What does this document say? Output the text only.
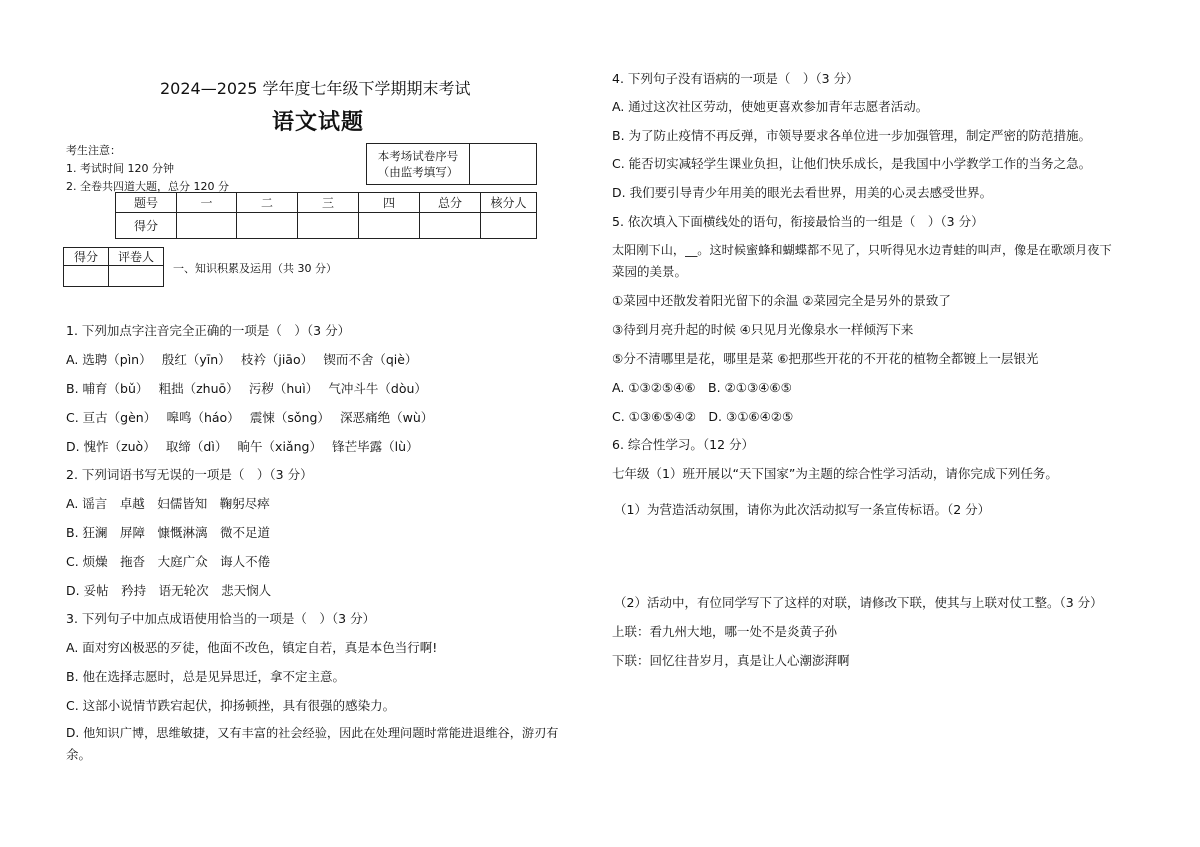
2024—2025 学年度七年级下学期期末考试
语文试题
考生注意：
1. 考试时间 120 分钟
2. 全卷共四道大题，总分 120 分
本考场试卷序号
（由监考填写）

题号	一	二	三	四	总分	核分人
得分						
得分	评卷人

一、知识积累及运用（共 30 分）
1. 下列加点字注音完全正确的一项是（　）（3 分）
A. 选聘（pìn）　 殷红（yīn）　 枝衿（jiāo）　 锲而不舍（qiè）
B. 哺育（bǔ）　 粗拙（zhuō）　 污秽（huì）　 气冲斗牛（dòu）
C. 亘古（gèn）　 嗥鸣（háo）　 震悚（sǒng）　 深恶痛绝（wù）
D. 愧怍（zuò）　 取缔（dì）　 晌午（xiǎng）　 锋芒毕露（lù）
2. 下列词语书写无误的一项是（　）（3 分）
A. 谣言　卓越　妇儒皆知　鞠躬尽瘁
B. 狂澜　屏障　慷慨淋漓　微不足道
C. 烦燥　拖沓　大庭广众　诲人不倦
D. 妥帖　矜持　语无轮次　悲天悯人
3. 下列句子中加点成语使用恰当的一项是（　）（3 分）
A. 面对穷凶极恶的歹徒，他面不改色，镇定自若，真是本色当行啊!
B. 他在选择志愿时，总是见异思迁，拿不定主意。
C. 这部小说情节跌宕起伏，抑扬顿挫，具有很强的感染力。
D. 他知识广博，思维敏捷，又有丰富的社会经验，因此在处理问题时常能进退维谷，游刃有
余。
4. 下列句子没有语病的一项是（　）（3 分）
A. 通过这次社区劳动，使她更喜欢参加青年志愿者活动。
B. 为了防止疫情不再反弹，市领导要求各单位进一步加强管理，制定严密的防范措施。
C. 能否切实减轻学生课业负担，让他们快乐成长，是我国中小学教学工作的当务之急。
D. 我们要引导青少年用美的眼光去看世界，用美的心灵去感受世界。
5. 依次填入下面横线处的语句，衔接最恰当的一组是（　）（3 分）
太阳刚下山，__。这时候蜜蜂和蝴蝶都不见了，只听得见水边青蛙的叫声，像是在歌颂月夜下
菜园的美景。
①菜园中还散发着阳光留下的余温 ②菜园完全是另外的景致了
③待到月亮升起的时候 ④只见月光像泉水一样倾泻下来
⑤分不清哪里是花，哪里是菜 ⑥把那些开花的不开花的植物全都镀上一层银光
A. ①③②⑤④⑥　B. ②①③④⑥⑤
C. ①③⑥⑤④②　D. ③①⑥④②⑤
6. 综合性学习。（12 分）
七年级（1）班开展以“天下国家”为主题的综合性学习活动，请你完成下列任务。
（1）为营造活动氛围，请你为此次活动拟写一条宣传标语。（2 分）
（2）活动中，有位同学写下了这样的对联，请修改下联，使其与上联对仗工整。（3 分）
上联：看九州大地，哪一处不是炎黄子孙
下联：回忆往昔岁月，真是让人心潮澎湃啊
